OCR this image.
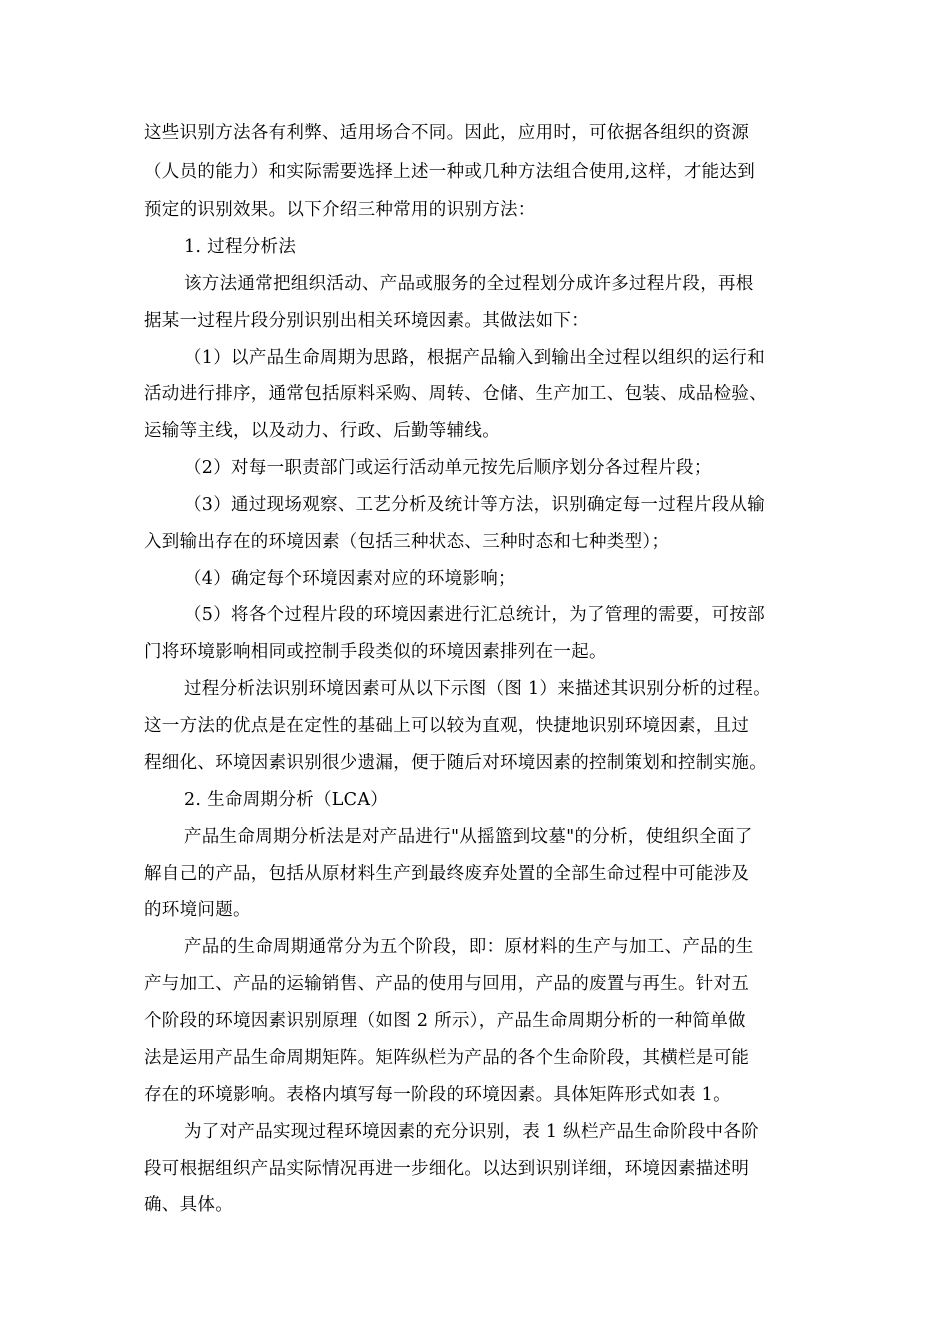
这些识别方法各有利弊、适用场合不同。因此，应用时，可依据各组织的资源
（人员的能力）和实际需要选择上述一种或几种方法组合使用,这样，才能达到
预定的识别效果。以下介绍三种常用的识别方法：
1. 过程分析法
该方法通常把组织活动、产品或服务的全过程划分成许多过程片段，再根
据某一过程片段分别识别出相关环境因素。其做法如下：
（1）以产品生命周期为思路，根据产品输入到输出全过程以组织的运行和
活动进行排序，通常包括原料采购、周转、仓储、生产加工、包装、成品检验、
运输等主线，以及动力、行政、后勤等辅线。
（2）对每一职责部门或运行活动单元按先后顺序划分各过程片段；
（3）通过现场观察、工艺分析及统计等方法，识别确定每一过程片段从输
入到输出存在的环境因素（包括三种状态、三种时态和七种类型）；
（4）确定每个环境因素对应的环境影响；
（5）将各个过程片段的环境因素进行汇总统计，为了管理的需要，可按部
门将环境影响相同或控制手段类似的环境因素排列在一起。
过程分析法识别环境因素可从以下示图（图 1）来描述其识别分析的过程。
这一方法的优点是在定性的基础上可以较为直观，快捷地识别环境因素，且过
程细化、环境因素识别很少遗漏，便于随后对环境因素的控制策划和控制实施。
2. 生命周期分析（LCA）
产品生命周期分析法是对产品进行"从摇篮到坟墓"的分析，使组织全面了
解自己的产品，包括从原材料生产到最终废弃处置的全部生命过程中可能涉及
的环境问题。
产品的生命周期通常分为五个阶段，即：原材料的生产与加工、产品的生
产与加工、产品的运输销售、产品的使用与回用，产品的废置与再生。针对五
个阶段的环境因素识别原理（如图 2 所示），产品生命周期分析的一种简单做
法是运用产品生命周期矩阵。矩阵纵栏为产品的各个生命阶段，其横栏是可能
存在的环境影响。表格内填写每一阶段的环境因素。具体矩阵形式如表 1。
为了对产品实现过程环境因素的充分识别，表 1 纵栏产品生命阶段中各阶
段可根据组织产品实际情况再进一步细化。以达到识别详细，环境因素描述明
确、具体。
